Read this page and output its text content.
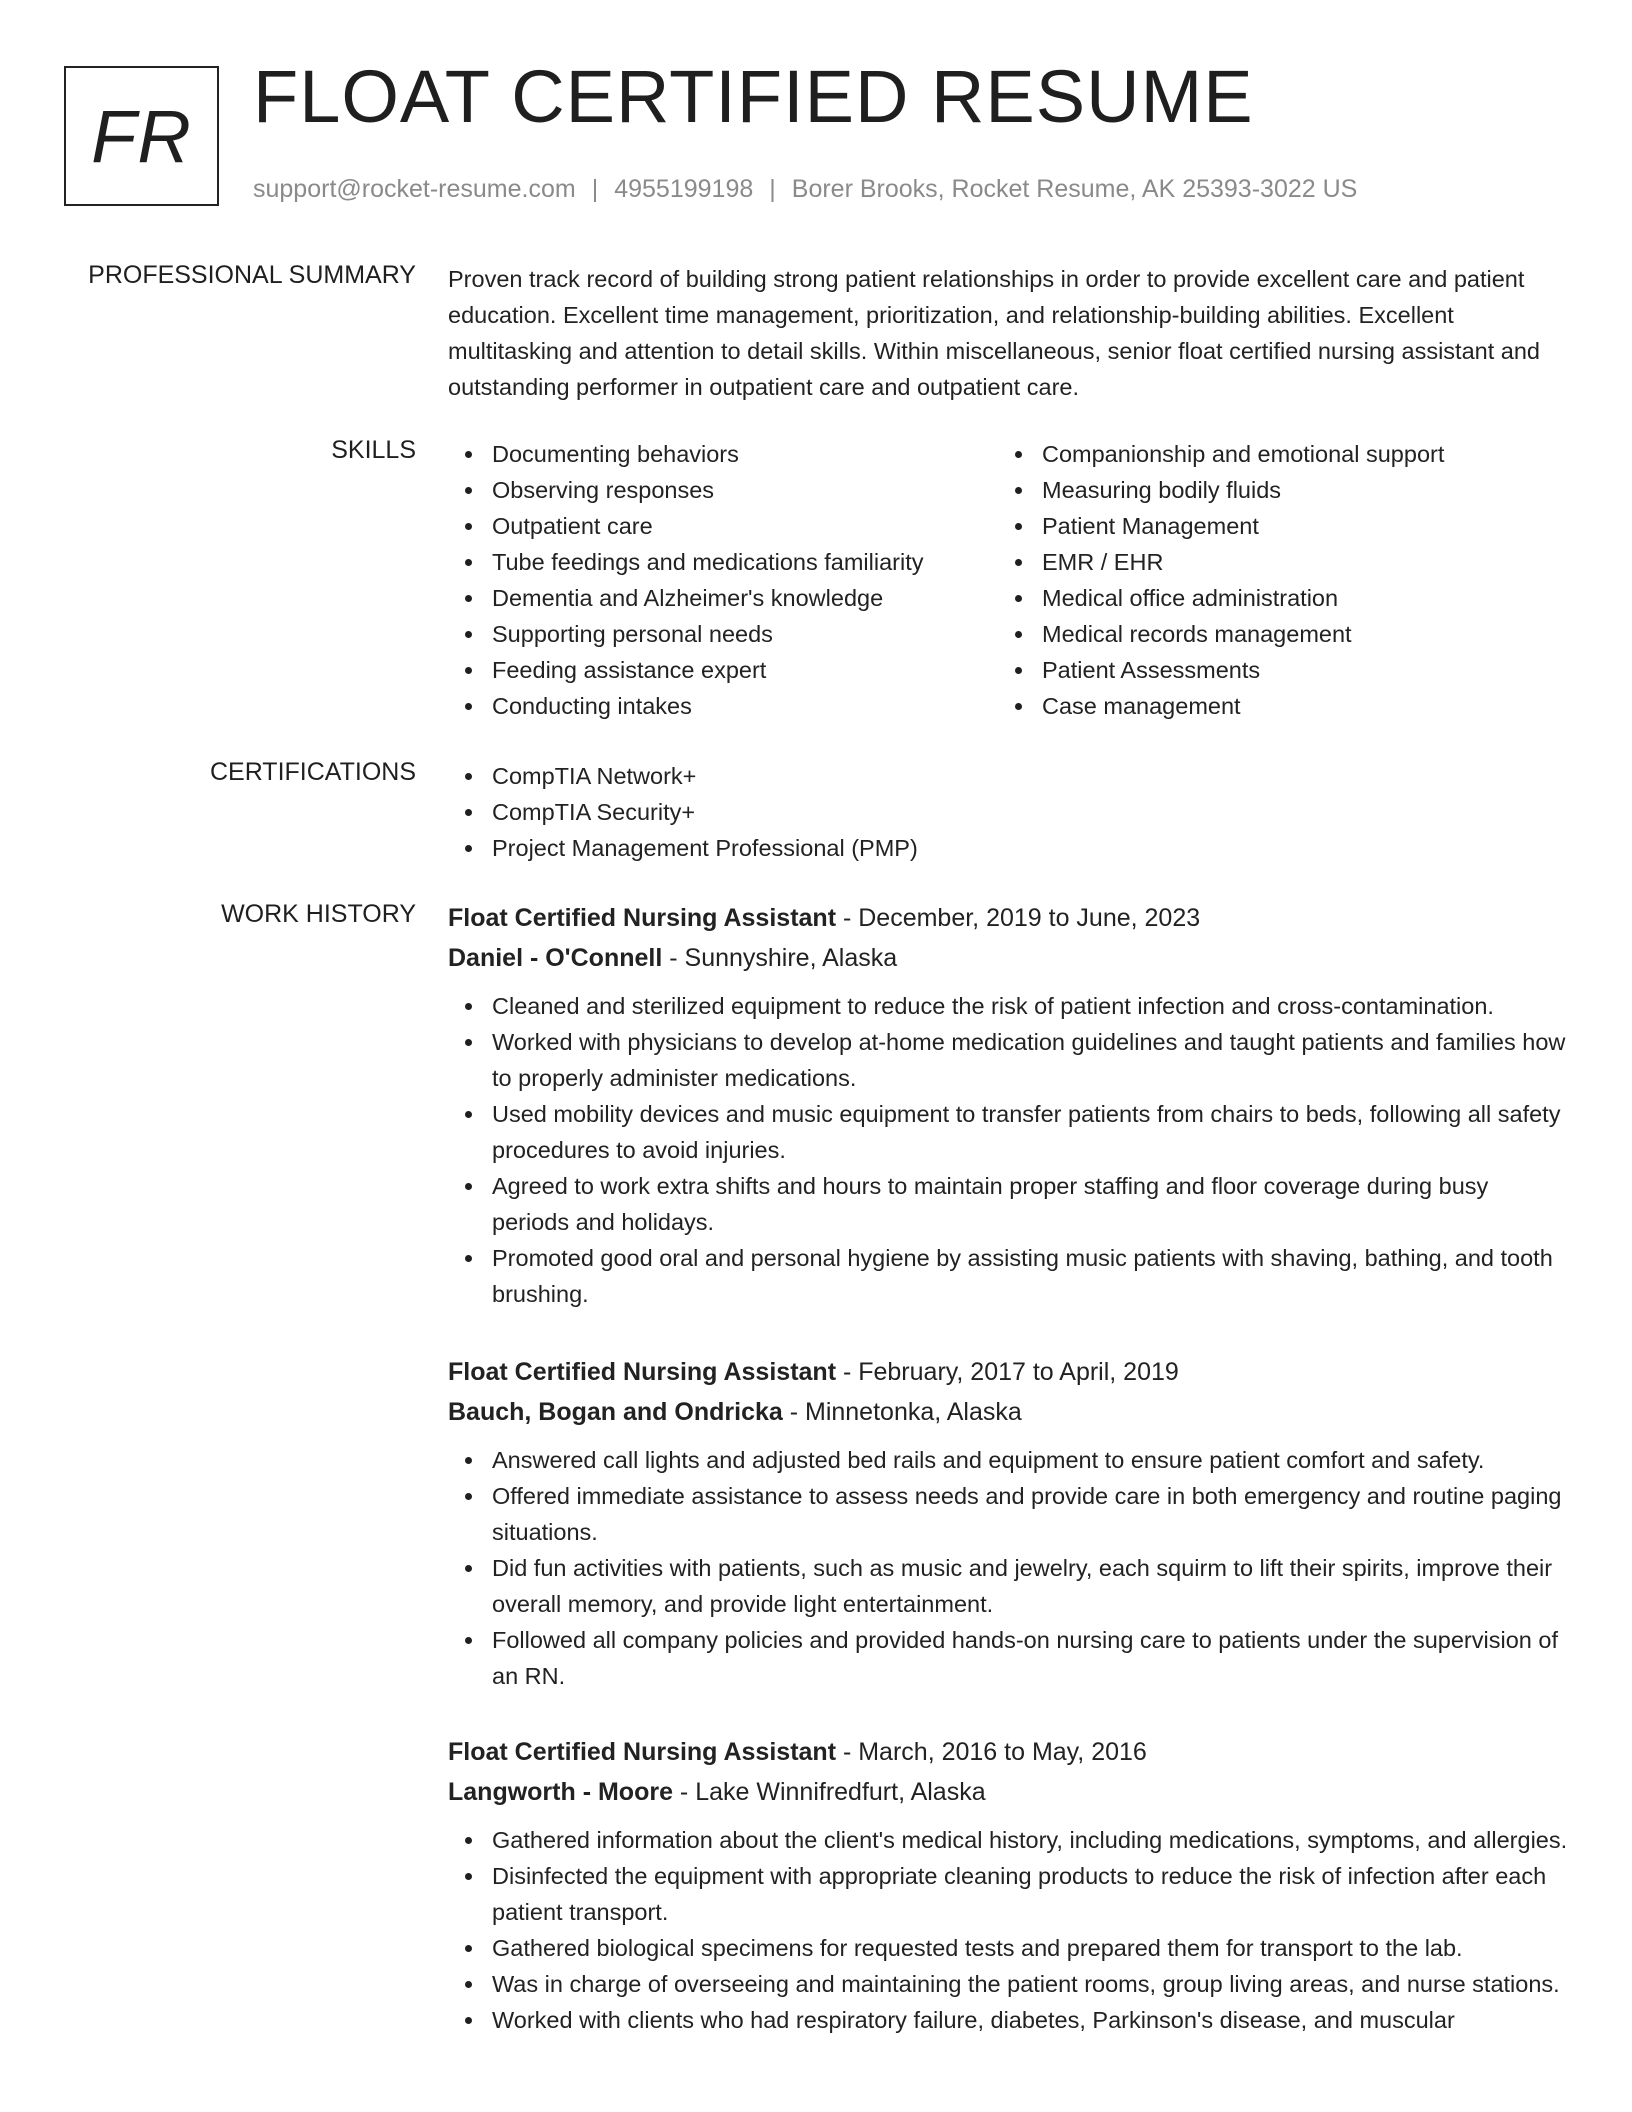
FR FLOAT CERTIFIED RESUME
support@rocket-resume.com | 4955199198 | Borer Brooks, Rocket Resume, AK 25393-3022 US
PROFESSIONAL SUMMARY Proven track record of building strong patient relationships in order to provide excellent care and patient education. Excellent time management, prioritization, and relationship-building abilities. Excellent multitasking and attention to detail skills. Within miscellaneous, senior float certified nursing assistant and outstanding performer in outpatient care and outpatient care.

SKILLS	Documenting behaviors
Observing responses
Outpatient care
Tube feedings and medications familiarity
Dementia and Alzheimer's knowledge
Supporting personal needs
Feeding assistance expert
Conducting intakes
Companionship and emotional support
Measuring bodily fluids
Patient Management
EMR / EHR
Medical office administration
Medical records management
Patient Assessments
Case management
CERTIFICATIONS	CompTIA Network+
CompTIA Security+
Project Management Professional (PMP)
WORK HISTORY Float Certified Nursing Assistant - December, 2019 to June, 2023
Daniel - O'Connell - Sunnyshire, Alaska
Cleaned and sterilized equipment to reduce the risk of patient infection and cross-contamination.
Worked with physicians to develop at-home medication guidelines and taught patients and families how to properly administer medications.
Used mobility devices and music equipment to transfer patients from chairs to beds, following all safety procedures to avoid injuries.
Agreed to work extra shifts and hours to maintain proper staffing and floor coverage during busy periods and holidays.
Promoted good oral and personal hygiene by assisting music patients with shaving, bathing, and tooth brushing.
Float Certified Nursing Assistant - February, 2017 to April, 2019
Bauch, Bogan and Ondricka - Minnetonka, Alaska
Answered call lights and adjusted bed rails and equipment to ensure patient comfort and safety.
Offered immediate assistance to assess needs and provide care in both emergency and routine paging situations.
Did fun activities with patients, such as music and jewelry, each squirm to lift their spirits, improve their overall memory, and provide light entertainment.
Followed all company policies and provided hands-on nursing care to patients under the supervision of an RN.
Float Certified Nursing Assistant - March, 2016 to May, 2016
Langworth - Moore - Lake Winnifredfurt, Alaska
Gathered information about the client's medical history, including medications, symptoms, and allergies.
Disinfected the equipment with appropriate cleaning products to reduce the risk of infection after each patient transport.
Gathered biological specimens for requested tests and prepared them for transport to the lab.
Was in charge of overseeing and maintaining the patient rooms, group living areas, and nurse stations.
Worked with clients who had respiratory failure, diabetes, Parkinson's disease, and muscular
